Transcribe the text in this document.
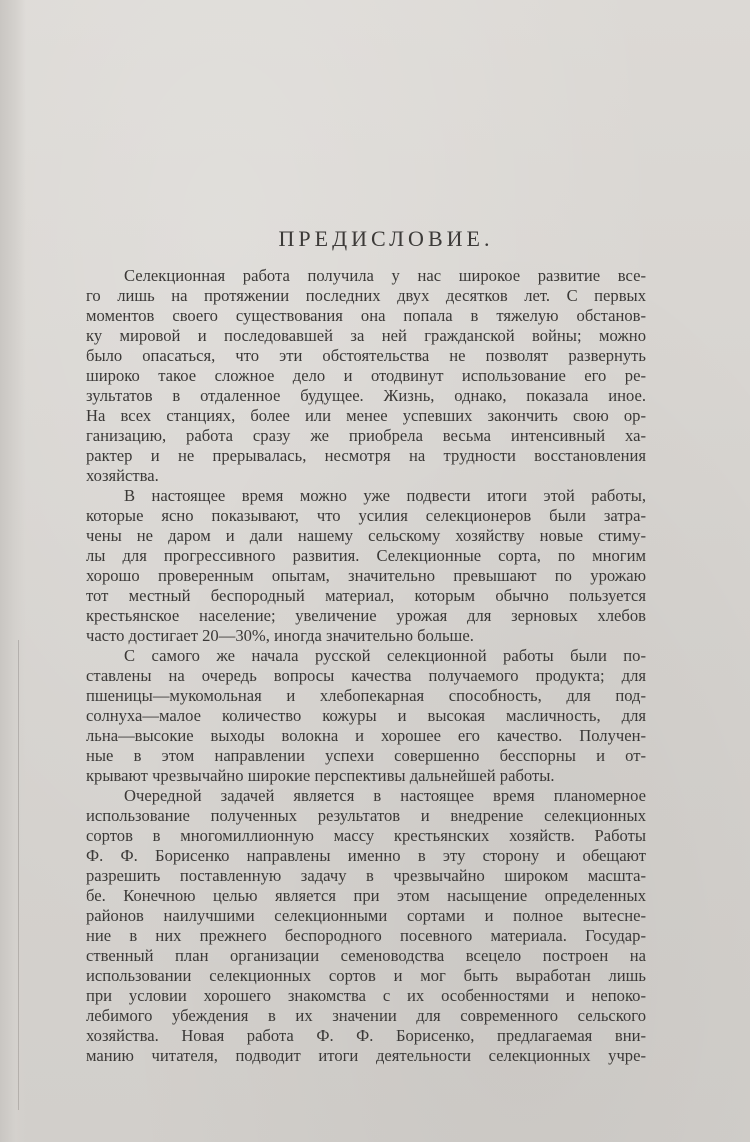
ПРЕДИСЛОВИЕ.
Селекционная работа получила у нас широкое развитие все-
го лишь на протяжении последних двух десятков лет. С первых
моментов своего существования она попала в тяжелую обстанов-
ку мировой и последовавшей за ней гражданской войны; можно
было опасаться, что эти обстоятельства не позволят развернуть
широко такое сложное дело и отодвинут использование его ре-
зультатов в отдаленное будущее. Жизнь, однако, показала иное.
На всех станциях, более или менее успевших закончить свою ор-
ганизацию, работа сразу же приобрела весьма интенсивный ха-
рактер и не прерывалась, несмотря на трудности восстановления
хозяйства.
В настоящее время можно уже подвести итоги этой работы,
которые ясно показывают, что усилия селекционеров были затра-
чены не даром и дали нашему сельскому хозяйству новые стиму-
лы для прогрессивного развития. Селекционные сорта, по многим
хорошо проверенным опытам, значительно превышают по урожаю
тот местный беспородный материал, которым обычно пользуется
крестьянское население; увеличение урожая для зерновых хлебов
часто достигает 20—30%, иногда значительно больше.
С самого же начала русской селекционной работы были по-
ставлены на очередь вопросы качества получаемого продукта; для
пшеницы—мукомольная и хлебопекарная способность, для под-
солнуха—малое количество кожуры и высокая масличность, для
льна—высокие выходы волокна и хорошее его качество. Получен-
ные в этом направлении успехи совершенно бесспорны и от-
крывают чрезвычайно широкие перспективы дальнейшей работы.
Очередной задачей является в настоящее время планомерное
использование полученных результатов и внедрение селекционных
сортов в многомиллионную массу крестьянских хозяйств. Работы
Ф. Ф. Борисенко направлены именно в эту сторону и обещают
разрешить поставленную задачу в чрезвычайно широком масшта-
бе. Конечною целью является при этом насыщение определенных
районов наилучшими селекционными сортами и полное вытесне-
ние в них прежнего беспородного посевного материала. Государ-
ственный план организации семеноводства всецело построен на
использовании селекционных сортов и мог быть выработан лишь
при условии хорошего знакомства с их особенностями и непоко-
лебимого убеждения в их значении для современного сельского
хозяйства. Новая работа Ф. Ф. Борисенко, предлагаемая вни-
манию читателя, подводит итоги деятельности селекционных учре-
